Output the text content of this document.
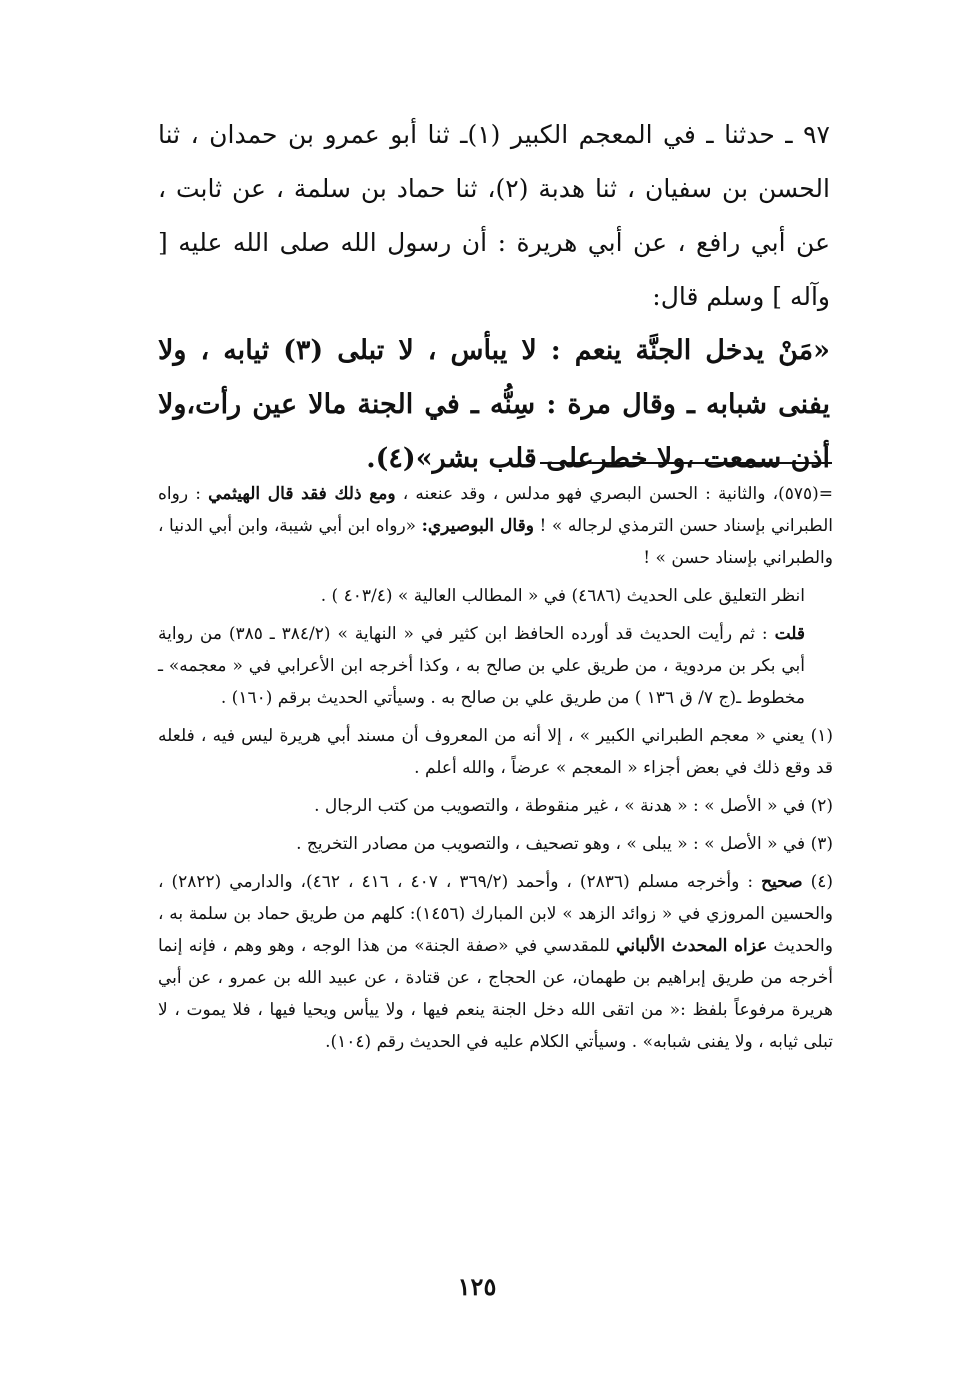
٩٧ ـ حدثنا ـ في المعجم الكبير (١)ـ ثنا أبو عمرو بن حمدان ، ثنا الحسن بن سفيان ، ثنا هدبة (٢)، ثنا حماد بن سلمة ، عن ثابت ، عن أبي رافع ، عن أبي هريرة : أن رسول الله صلى الله عليه [ وآله ] وسلم قال:
«مَنْ يدخل الجنَّة ينعم : لا يبأس ، لا تبلى (٣) ثيابه ، ولا يفنى شبابه ـ وقال مرة : سِنُّه ـ في الجنة مالا عين رأت،ولا أذن سمعت ،ولا خطرعلى قلب بشر»(٤).

=(٥٧٥)، والثانية : الحسن البصري فهو مدلس ، وقد عنعنه ، ومع ذلك فقد قال الهيثمي : رواه الطبراني بإسناد حسن الترمذي لرجاله » ! وقال البوصيري: «رواه ابن أبي شيبة، وابن أبي الدنيا ، والطبراني بإسناد حسن » !

انظر التعليق على الحديث (٤٦٨٦) في « المطالب العالية » (٤٠٣/٤ ) .

قلت : ثم رأيت الحديث قد أورده الحافظ ابن كثير في « النهاية » (٣٨٤/٢ ـ ٣٨٥) من رواية أبي بكر بن مردوية ، من طريق علي بن صالح به ، وكذا أخرجه ابن الأعرابي في « معجمه» ـ مخطوط ـ(ج ٧/ ق ١٣٦ ) من طريق علي بن صالح به . وسيأتي الحديث برقم (١٦٠) .

(١) يعني « معجم الطبراني الكبير » ، إلا أنه من المعروف أن مسند أبي هريرة ليس فيه ، فلعله قد وقع ذلك في بعض أجزاء « المعجم » عرضاً ، والله أعلم .

(٢) في « الأصل » : « هدنة » ، غير منقوطة ، والتصويب من كتب الرجال .

(٣) في « الأصل » : « يبلى » ، وهو تصحيف ، والتصويب من مصادر التخريج .

(٤) صحيح : وأخرجه مسلم (٢٨٣٦) ، وأحمد (٣٦٩/٢ ، ٤٠٧ ، ٤١٦ ، ٤٦٢)، والدارمي (٢٨٢٢) ، والحسين المروزي في « زوائد الزهد » لابن المبارك (١٤٥٦): كلهم من طريق حماد بن سلمة به ، والحديث عزاه المحدث الألباني للمقدسي في «صفة الجنة» من هذا الوجه ، وهو وهم ، فإنه إنما أخرجه من طريق إبراهيم بن طهمان، عن الحجاج ، عن قتادة ، عن عبيد الله بن عمرو ، عن أبي هريرة مرفوعاً بلفظ :« من اتقى الله دخل الجنة ينعم فيها ، ولا ييأس ويحيا فيها ، فلا يموت ، لا تبلى ثيابه ، ولا يفنى شبابه» . وسيأتي الكلام عليه في الحديث رقم (١٠٤).

١٢٥
